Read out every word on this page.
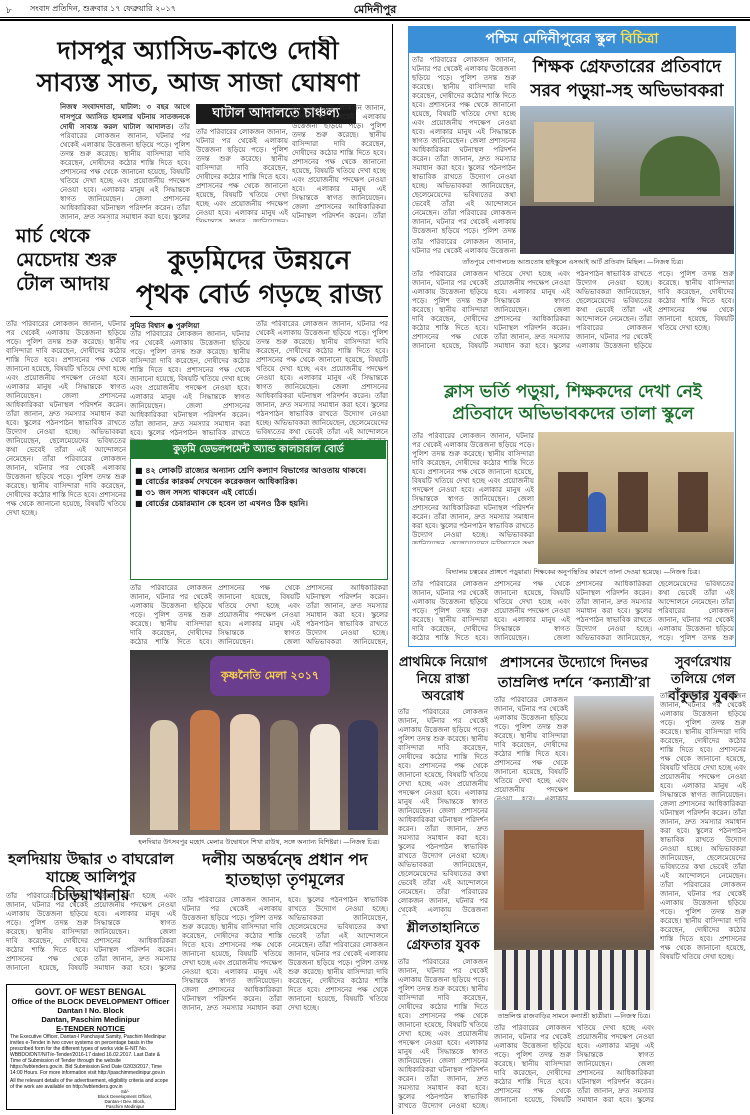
৮ সংবাদ প্রতিদিন, শুক্রবার ১৭ ফেব্রুয়ারি ২০১৭	মেদিনীপুর
দাসপুর অ্যাসিড-কাণ্ডে দোষী
সাব্যস্ত সাত, আজ সাজা ঘোষণা
ঘাটাল আদালতে চাঞ্চল্য
নিজস্ব সংবাদদাতা, ঘাটাল: ৩ বছর আগে দাসপুরে অ্যাসিড হামলার ঘটনায় সাতজনকে দোষী সাব্যস্ত করল ঘাটাল আদালত। তাঁর পরিবারের লোকজন জানান, ঘটনার পর থেকেই এলাকায় উত্তেজনা ছড়িয়ে পড়ে। পুলিশ তদন্ত শুরু করেছে। স্থানীয় বাসিন্দারা দাবি করেছেন, দোষীদের কঠোর শাস্তি দিতে হবে। প্রশাসনের পক্ষ থেকে জানানো হয়েছে, বিষয়টি খতিয়ে দেখা হচ্ছে এবং প্রয়োজনীয় পদক্ষেপ নেওয়া হবে। এলাকার মানুষ এই সিদ্ধান্তকে স্বাগত জানিয়েছেন। জেলা প্রশাসনের আধিকারিকরা ঘটনাস্থল পরিদর্শন করেন। তাঁরা জানান, দ্রুত সমস্যার সমাধান করা হবে। স্কুলের পঠনপাঠন স্বাভাবিক রাখতে উদ্যোগ নেওয়া হচ্ছে। অভিভাবকরা জানিয়েছেন, ছেলেমেয়েদের ভবিষ্যতের কথা ভেবেই তাঁরা এই আন্দোলনে নেমেছেন। তাঁরা পরিবারের লোকজন জানান, ঘটনার পর থেকেই এলাকায় উত্তেজনা ছড়িয়ে পড়ে। পুলিশ তদন্ত শুরু করেছে। স্থানীয় বাসিন্দারা দাবি করেছেন, দোষীদের কঠোর শাস্তি দিতে হবে। প্রশাসনের পক্ষ থেকে জানানো হয়েছে, বিষয়টি খতিয়ে দেখা হচ্ছে।
তাঁর পরিবারের লোকজন জানান, ঘটনার পর থেকেই এলাকায় উত্তেজনা ছড়িয়ে পড়ে। পুলিশ তদন্ত শুরু করেছে। স্থানীয় বাসিন্দারা দাবি করেছেন, দোষীদের কঠোর শাস্তি দিতে হবে। প্রশাসনের পক্ষ থেকে জানানো হয়েছে, বিষয়টি খতিয়ে দেখা হচ্ছে এবং প্রয়োজনীয় পদক্ষেপ নেওয়া হবে। এলাকার মানুষ এই সিদ্ধান্তকে স্বাগত জানিয়েছেন। জেলা প্রশাসনের আধিকারিকরা ঘটনাস্থল পরিদর্শন করেন। তাঁরা জানান, দ্রুত সমস্যার সমাধান করা হবে। স্কুলের পঠনপাঠন স্বাভাবিক রাখতে উদ্যোগ নেওয়া হচ্ছে। অভিভাবকরা জানিয়েছেন, ছেলেমেয়েদের ভবিষ্যতের কথা ভেবেই তাঁরা এই আন্দোলনে নেমেছেন। তাঁরা পরিবারের লোকজন জানান, ঘটনার পর থেকেই এলাকায় উত্তেজনা ছড়িয়ে পড়ে। পুলিশ তদন্ত শুরু করেছে। স্থানীয় বাসিন্দারা দাবি করেছেন, দোষীদের কঠোর শাস্তি দিতে হবে। প্রশাসনের পক্ষ থেকে জানানো হয়েছে, বিষয়টি খতিয়ে দেখা হচ্ছে।
তাঁর পরিবারের লোকজন জানান, ঘটনার পর থেকেই এলাকায় উত্তেজনা ছড়িয়ে পড়ে। পুলিশ তদন্ত শুরু করেছে। স্থানীয় বাসিন্দারা দাবি করেছেন, দোষীদের কঠোর শাস্তি দিতে হবে। প্রশাসনের পক্ষ থেকে জানানো হয়েছে, বিষয়টি খতিয়ে দেখা হচ্ছে এবং প্রয়োজনীয় পদক্ষেপ নেওয়া হবে। এলাকার মানুষ এই সিদ্ধান্তকে স্বাগত জানিয়েছেন। জেলা প্রশাসনের আধিকারিকরা ঘটনাস্থল পরিদর্শন করেন। তাঁরা জানান, দ্রুত সমস্যার সমাধান করা হবে। স্কুলের পঠনপাঠন স্বাভাবিক রাখতে উদ্যোগ নেওয়া হচ্ছে। অভিভাবকরা জানিয়েছেন, ছেলেমেয়েদের ভবিষ্যতের কথা ভেবেই তাঁরা এই আন্দোলনে নেমেছেন। তাঁরা পরিবারের লোকজন জানান, ঘটনার পর থেকেই এলাকায় উত্তেজনা ছড়িয়ে পড়ে। পুলিশ তদন্ত শুরু করেছে। স্থানীয় বাসিন্দারা দাবি করেছেন, দোষীদের কঠোর শাস্তি দিতে হবে। প্রশাসনের পক্ষ থেকে জানানো হয়েছে, বিষয়টি খতিয়ে দেখা হচ্ছে।
মার্চ থেকে মেচেদায় শুরু টোল আদায়
তাঁর পরিবারের লোকজন জানান, ঘটনার পর থেকেই এলাকায় উত্তেজনা ছড়িয়ে পড়ে। পুলিশ তদন্ত শুরু করেছে। স্থানীয় বাসিন্দারা দাবি করেছেন, দোষীদের কঠোর শাস্তি দিতে হবে। প্রশাসনের পক্ষ থেকে জানানো হয়েছে, বিষয়টি খতিয়ে দেখা হচ্ছে এবং প্রয়োজনীয় পদক্ষেপ নেওয়া হবে। এলাকার মানুষ এই সিদ্ধান্তকে স্বাগত জানিয়েছেন। জেলা প্রশাসনের আধিকারিকরা ঘটনাস্থল পরিদর্শন করেন। তাঁরা জানান, দ্রুত সমস্যার সমাধান করা হবে। স্কুলের পঠনপাঠন স্বাভাবিক রাখতে উদ্যোগ নেওয়া হচ্ছে। অভিভাবকরা জানিয়েছেন, ছেলেমেয়েদের ভবিষ্যতের কথা ভেবেই তাঁরা এই আন্দোলনে নেমেছেন। তাঁরা পরিবারের লোকজন জানান, ঘটনার পর থেকেই এলাকায় উত্তেজনা ছড়িয়ে পড়ে। পুলিশ তদন্ত শুরু করেছে। স্থানীয় বাসিন্দারা দাবি করেছেন, দোষীদের কঠোর শাস্তি দিতে হবে। প্রশাসনের পক্ষ থেকে জানানো হয়েছে, বিষয়টি খতিয়ে দেখা হচ্ছে।
কুড়মিদের উন্নয়নে
পৃথক বোর্ড গড়ছে রাজ্য
সুমিত বিশ্বাস ● পুরুলিয়া
তাঁর পরিবারের লোকজন জানান, ঘটনার পর থেকেই এলাকায় উত্তেজনা ছড়িয়ে পড়ে। পুলিশ তদন্ত শুরু করেছে। স্থানীয় বাসিন্দারা দাবি করেছেন, দোষীদের কঠোর শাস্তি দিতে হবে। প্রশাসনের পক্ষ থেকে জানানো হয়েছে, বিষয়টি খতিয়ে দেখা হচ্ছে এবং প্রয়োজনীয় পদক্ষেপ নেওয়া হবে। এলাকার মানুষ এই সিদ্ধান্তকে স্বাগত জানিয়েছেন। জেলা প্রশাসনের আধিকারিকরা ঘটনাস্থল পরিদর্শন করেন। তাঁরা জানান, দ্রুত সমস্যার সমাধান করা হবে। স্কুলের পঠনপাঠন স্বাভাবিক রাখতে উদ্যোগ নেওয়া হচ্ছে। অভিভাবকরা জানিয়েছেন, ছেলেমেয়েদের ভবিষ্যতের কথা ভেবেই তাঁরা এই আন্দোলনে নেমেছেন। তাঁরা পরিবারের লোকজন জানান, ঘটনার পর থেকেই এলাকায় উত্তেজনা ছড়িয়ে পড়ে। পুলিশ তদন্ত শুরু করেছে। স্থানীয় বাসিন্দারা দাবি করেছেন, দোষীদের কঠোর শাস্তি দিতে হবে। প্রশাসনের পক্ষ থেকে জানানো হয়েছে, বিষয়টি খতিয়ে দেখা হচ্ছে।
তাঁর পরিবারের লোকজন জানান, ঘটনার পর থেকেই এলাকায় উত্তেজনা ছড়িয়ে পড়ে। পুলিশ তদন্ত শুরু করেছে। স্থানীয় বাসিন্দারা দাবি করেছেন, দোষীদের কঠোর শাস্তি দিতে হবে। প্রশাসনের পক্ষ থেকে জানানো হয়েছে, বিষয়টি খতিয়ে দেখা হচ্ছে এবং প্রয়োজনীয় পদক্ষেপ নেওয়া হবে। এলাকার মানুষ এই সিদ্ধান্তকে স্বাগত জানিয়েছেন। জেলা প্রশাসনের আধিকারিকরা ঘটনাস্থল পরিদর্শন করেন। তাঁরা জানান, দ্রুত সমস্যার সমাধান করা হবে। স্কুলের পঠনপাঠন স্বাভাবিক রাখতে উদ্যোগ নেওয়া হচ্ছে। অভিভাবকরা জানিয়েছেন, ছেলেমেয়েদের ভবিষ্যতের কথা ভেবেই তাঁরা এই আন্দোলনে নেমেছেন। তাঁরা পরিবারের লোকজন জানান, ঘটনার পর থেকেই এলাকায় উত্তেজনা ছড়িয়ে পড়ে। পুলিশ তদন্ত শুরু করেছে। স্থানীয় বাসিন্দারা দাবি করেছেন, দোষীদের কঠোর শাস্তি দিতে হবে। প্রশাসনের পক্ষ থেকে জানানো হয়েছে, বিষয়টি খতিয়ে দেখা হচ্ছে।
কুড়মি ডেভলপমেন্ট অ্যান্ড কালচারাল বোর্ড
■ ৪২ লোকটি রাজ্যের অন্যান্য শ্রেণি কল্যাণ বিভাগের আওতায় থাকবে।
■ বোর্ডের কারকর্ম দেখবেন করেকজন আধিকারিক।
■ ৩১ জন সদস্য থাকবেন এই বোর্ডে।
■ বোর্ডের চেয়ারম্যান কে হবেন তা এখনও ঠিক হয়নি।
তাঁর পরিবারের লোকজন জানান, ঘটনার পর থেকেই এলাকায় উত্তেজনা ছড়িয়ে পড়ে। পুলিশ তদন্ত শুরু করেছে। স্থানীয় বাসিন্দারা দাবি করেছেন, দোষীদের কঠোর শাস্তি দিতে হবে। প্রশাসনের পক্ষ থেকে জানানো হয়েছে, বিষয়টি খতিয়ে দেখা হচ্ছে এবং প্রয়োজনীয় পদক্ষেপ নেওয়া হবে। এলাকার মানুষ এই সিদ্ধান্তকে স্বাগত জানিয়েছেন। জেলা প্রশাসনের আধিকারিকরা ঘটনাস্থল পরিদর্শন করেন। তাঁরা জানান, দ্রুত সমস্যার সমাধান করা হবে। স্কুলের পঠনপাঠন স্বাভাবিক রাখতে উদ্যোগ নেওয়া হচ্ছে। অভিভাবকরা জানিয়েছেন, ছেলেমেয়েদের ভবিষ্যতের কথা ভেবেই তাঁরা এই আন্দোলনে নেমেছেন। তাঁরা পরিবারের লোকজন জানান, ঘটনার পর থেকেই এলাকায় উত্তেজনা ছড়িয়ে পড়ে। পুলিশ তদন্ত শুরু করেছে। স্থানীয় বাসিন্দারা দাবি করেছেন, দোষীদের কঠোর শাস্তি দিতে হবে। প্রশাসনের পক্ষ থেকে জানানো হয়েছে, বিষয়টি খতিয়ে দেখা হচ্ছে।
কৃষ্ণনৈতি মেলা ২০১৭
হলদিয়ার উৎসবপুর মহোৎ মেলার উদ্বোধনে শিখা রাউথ, সঙ্গে অন্যান্য বিশিষ্টরা। —নিজস্ব চিত্র।
হলদিয়ায় উদ্ধার ৩ বাঘরোল যাচ্ছে আলিপুর চিড়িয়াখানায়
তাঁর পরিবারের লোকজন জানান, ঘটনার পর থেকেই এলাকায় উত্তেজনা ছড়িয়ে পড়ে। পুলিশ তদন্ত শুরু করেছে। স্থানীয় বাসিন্দারা দাবি করেছেন, দোষীদের কঠোর শাস্তি দিতে হবে। প্রশাসনের পক্ষ থেকে জানানো হয়েছে, বিষয়টি খতিয়ে দেখা হচ্ছে এবং প্রয়োজনীয় পদক্ষেপ নেওয়া হবে। এলাকার মানুষ এই সিদ্ধান্তকে স্বাগত জানিয়েছেন। জেলা প্রশাসনের আধিকারিকরা ঘটনাস্থল পরিদর্শন করেন। তাঁরা জানান, দ্রুত সমস্যার সমাধান করা হবে। স্কুলের পঠনপাঠন স্বাভাবিক রাখতে উদ্যোগ নেওয়া হচ্ছে। অভিভাবকরা জানিয়েছেন, ছেলেমেয়েদের ভবিষ্যতের কথা ভেবেই তাঁরা এই আন্দোলনে নেমেছেন। তাঁরা পরিবারের লোকজন জানান, ঘটনার পর থেকেই এলাকায় উত্তেজনা ছড়িয়ে পড়ে। পুলিশ তদন্ত শুরু করেছে। স্থানীয় বাসিন্দারা দাবি করেছেন, দোষীদের কঠোর শাস্তি দিতে হবে। প্রশাসনের পক্ষ থেকে জানানো হয়েছে, বিষয়টি খতিয়ে দেখা হচ্ছে।
দলীয় অন্তর্দ্বন্দ্বে প্রধান পদ হাতছাড়া তৃণমূলের
তাঁর পরিবারের লোকজন জানান, ঘটনার পর থেকেই এলাকায় উত্তেজনা ছড়িয়ে পড়ে। পুলিশ তদন্ত শুরু করেছে। স্থানীয় বাসিন্দারা দাবি করেছেন, দোষীদের কঠোর শাস্তি দিতে হবে। প্রশাসনের পক্ষ থেকে জানানো হয়েছে, বিষয়টি খতিয়ে দেখা হচ্ছে এবং প্রয়োজনীয় পদক্ষেপ নেওয়া হবে। এলাকার মানুষ এই সিদ্ধান্তকে স্বাগত জানিয়েছেন। জেলা প্রশাসনের আধিকারিকরা ঘটনাস্থল পরিদর্শন করেন। তাঁরা জানান, দ্রুত সমস্যার সমাধান করা হবে। স্কুলের পঠনপাঠন স্বাভাবিক রাখতে উদ্যোগ নেওয়া হচ্ছে। অভিভাবকরা জানিয়েছেন, ছেলেমেয়েদের ভবিষ্যতের কথা ভেবেই তাঁরা এই আন্দোলনে নেমেছেন। তাঁরা পরিবারের লোকজন জানান, ঘটনার পর থেকেই এলাকায় উত্তেজনা ছড়িয়ে পড়ে। পুলিশ তদন্ত শুরু করেছে। স্থানীয় বাসিন্দারা দাবি করেছেন, দোষীদের কঠোর শাস্তি দিতে হবে। প্রশাসনের পক্ষ থেকে জানানো হয়েছে, বিষয়টি খতিয়ে দেখা হচ্ছে।
GOVT. OF WEST BENGAL
Office of the BLOCK DEVELOPMENT Officer
Dantan I No. Block
Dantan, Paschim Medinipur
E-TENDER NOTICE
The Executive Officer, Dantan-I Panchayat Samity, Paschim Medinipur invites e-Tender in two cover systems on percentage basis in the prescribed form for the different types of works vide E-NIT No. WBBDO/DNT/NIT/e-Tender/2016-17 dated 16.02.2017. Last Date & Time of Submission of Tender through the website https://wbtenders.gov.in. Bid Submission End Date 02/03/2017, Time 14:00 Hours. For more information visit http://paschimmedinipur.gov.in
All the relevant details of the advertisement, eligibility criteria and scope of the work are available on http://wbtenders.gov.in
Sd/-
Block Development Officer,
Dantan-I Dev. Block,
Paschim Medinipur
পশ্চিম মেদিনীপুরের স্কুল বিচিত্রা
শিক্ষক গ্রেফতারের প্রতিবাদে
সরব পড়ুয়া-সহ অভিভাবকরা
তাঁর পরিবারের লোকজন জানান, ঘটনার পর থেকেই এলাকায় উত্তেজনা ছড়িয়ে পড়ে। পুলিশ তদন্ত শুরু করেছে। স্থানীয় বাসিন্দারা দাবি করেছেন, দোষীদের কঠোর শাস্তি দিতে হবে। প্রশাসনের পক্ষ থেকে জানানো হয়েছে, বিষয়টি খতিয়ে দেখা হচ্ছে এবং প্রয়োজনীয় পদক্ষেপ নেওয়া হবে। এলাকার মানুষ এই সিদ্ধান্তকে স্বাগত জানিয়েছেন। জেলা প্রশাসনের আধিকারিকরা ঘটনাস্থল পরিদর্শন করেন। তাঁরা জানান, দ্রুত সমস্যার সমাধান করা হবে। স্কুলের পঠনপাঠন স্বাভাবিক রাখতে উদ্যোগ নেওয়া হচ্ছে। অভিভাবকরা জানিয়েছেন, ছেলেমেয়েদের ভবিষ্যতের কথা ভেবেই তাঁরা এই আন্দোলনে নেমেছেন। তাঁরা পরিবারের লোকজন জানান, ঘটনার পর থেকেই এলাকায় উত্তেজনা ছড়িয়ে পড়ে। পুলিশ তদন্ত শুরু করেছে। স্থানীয় বাসিন্দারা দাবি করেছেন, দোষীদের কঠোর শাস্তি দিতে হবে। প্রশাসনের পক্ষ থেকে জানানো হয়েছে, বিষয়টি খতিয়ে দেখা হচ্ছে।
তাঁতপুরে গোপালচন্দ্র আশুতোষ হাইস্কুলে এসআই আর্ট প্রতিবাদ মিছিল। —নিজস্ব চিত্র।
তাঁর পরিবারের লোকজন জানান, ঘটনার পর থেকেই এলাকায় উত্তেজনা ছড়িয়ে পড়ে। পুলিশ তদন্ত শুরু করেছে। স্থানীয় বাসিন্দারা দাবি করেছেন, দোষীদের কঠোর শাস্তি দিতে হবে। প্রশাসনের পক্ষ থেকে জানানো হয়েছে, বিষয়টি খতিয়ে দেখা হচ্ছে এবং প্রয়োজনীয় পদক্ষেপ নেওয়া হবে। এলাকার মানুষ এই সিদ্ধান্তকে স্বাগত জানিয়েছেন। জেলা প্রশাসনের আধিকারিকরা ঘটনাস্থল পরিদর্শন করেন। তাঁরা জানান, দ্রুত সমস্যার সমাধান করা হবে। স্কুলের পঠনপাঠন স্বাভাবিক রাখতে উদ্যোগ নেওয়া হচ্ছে। অভিভাবকরা জানিয়েছেন, ছেলেমেয়েদের ভবিষ্যতের কথা ভেবেই তাঁরা এই আন্দোলনে নেমেছেন। তাঁরা পরিবারের লোকজন জানান, ঘটনার পর থেকেই এলাকায় উত্তেজনা ছড়িয়ে পড়ে। পুলিশ তদন্ত শুরু করেছে। স্থানীয় বাসিন্দারা দাবি করেছেন, দোষীদের কঠোর শাস্তি দিতে হবে। প্রশাসনের পক্ষ থেকে জানানো হয়েছে, বিষয়টি খতিয়ে দেখা হচ্ছে।
তাঁর পরিবারের লোকজন জানান, ঘটনার পর থেকেই এলাকায় উত্তেজনা ছড়িয়ে পড়ে। পুলিশ তদন্ত শুরু করেছে। স্থানীয় বাসিন্দারা দাবি করেছেন, দোষীদের কঠোর শাস্তি দিতে হবে। প্রশাসনের পক্ষ থেকে জানানো হয়েছে, বিষয়টি খতিয়ে দেখা হচ্ছে এবং প্রয়োজনীয় পদক্ষেপ নেওয়া হবে। এলাকার মানুষ এই সিদ্ধান্তকে স্বাগত জানিয়েছেন। জেলা প্রশাসনের আধিকারিকরা ঘটনাস্থল পরিদর্শন করেন। তাঁরা জানান, দ্রুত সমস্যার সমাধান করা হবে। স্কুলের পঠনপাঠন স্বাভাবিক রাখতে উদ্যোগ নেওয়া হচ্ছে। অভিভাবকরা জানিয়েছেন, ছেলেমেয়েদের ভবিষ্যতের কথা ভেবেই তাঁরা এই আন্দোলনে নেমেছেন। তাঁরা পরিবারের লোকজন জানান, ঘটনার পর থেকেই এলাকায় উত্তেজনা ছড়িয়ে পড়ে। পুলিশ তদন্ত শুরু করেছে। স্থানীয় বাসিন্দারা দাবি করেছেন, দোষীদের কঠোর শাস্তি দিতে হবে। প্রশাসনের পক্ষ থেকে জানানো হয়েছে, বিষয়টি খতিয়ে দেখা হচ্ছে।
ক্লাস ভর্তি পড়ুয়া, শিক্ষকদের দেখা নেই
প্রতিবাদে অভিভাবকদের তালা স্কুলে
তাঁর পরিবারের লোকজন জানান, ঘটনার পর থেকেই এলাকায় উত্তেজনা ছড়িয়ে পড়ে। পুলিশ তদন্ত শুরু করেছে। স্থানীয় বাসিন্দারা দাবি করেছেন, দোষীদের কঠোর শাস্তি দিতে হবে। প্রশাসনের পক্ষ থেকে জানানো হয়েছে, বিষয়টি খতিয়ে দেখা হচ্ছে এবং প্রয়োজনীয় পদক্ষেপ নেওয়া হবে। এলাকার মানুষ এই সিদ্ধান্তকে স্বাগত জানিয়েছেন। জেলা প্রশাসনের আধিকারিকরা ঘটনাস্থল পরিদর্শন করেন। তাঁরা জানান, দ্রুত সমস্যার সমাধান করা হবে। স্কুলের পঠনপাঠন স্বাভাবিক রাখতে উদ্যোগ নেওয়া হচ্ছে। অভিভাবকরা জানিয়েছেন, ছেলেমেয়েদের ভবিষ্যতের কথা ভেবেই তাঁরা এই আন্দোলনে নেমেছেন। তাঁরা পরিবারের লোকজন জানান, ঘটনার পর থেকেই এলাকায় উত্তেজনা ছড়িয়ে পড়ে। পুলিশ তদন্ত শুরু করেছে। স্থানীয় বাসিন্দারা দাবি করেছেন, দোষীদের কঠোর শাস্তি দিতে হবে। প্রশাসনের পক্ষ থেকে জানানো হয়েছে, বিষয়টি খতিয়ে দেখা হচ্ছে।
বিদ্যালয় চত্বরের প্রাঙ্গণে পড়ুয়ারা। শিক্ষকের অনুপস্থিতির কারণে তালা দেওয়া হয়েছে। —নিজস্ব চিত্র।
তাঁর পরিবারের লোকজন জানান, ঘটনার পর থেকেই এলাকায় উত্তেজনা ছড়িয়ে পড়ে। পুলিশ তদন্ত শুরু করেছে। স্থানীয় বাসিন্দারা দাবি করেছেন, দোষীদের কঠোর শাস্তি দিতে হবে। প্রশাসনের পক্ষ থেকে জানানো হয়েছে, বিষয়টি খতিয়ে দেখা হচ্ছে এবং প্রয়োজনীয় পদক্ষেপ নেওয়া হবে। এলাকার মানুষ এই সিদ্ধান্তকে স্বাগত জানিয়েছেন। জেলা প্রশাসনের আধিকারিকরা ঘটনাস্থল পরিদর্শন করেন। তাঁরা জানান, দ্রুত সমস্যার সমাধান করা হবে। স্কুলের পঠনপাঠন স্বাভাবিক রাখতে উদ্যোগ নেওয়া হচ্ছে। অভিভাবকরা জানিয়েছেন, ছেলেমেয়েদের ভবিষ্যতের কথা ভেবেই তাঁরা এই আন্দোলনে নেমেছেন। তাঁরা পরিবারের লোকজন জানান, ঘটনার পর থেকেই এলাকায় উত্তেজনা ছড়িয়ে পড়ে। পুলিশ তদন্ত শুরু করেছে। স্থানীয় বাসিন্দারা দাবি করেছেন, দোষীদের কঠোর শাস্তি দিতে হবে। প্রশাসনের পক্ষ থেকে জানানো হয়েছে, বিষয়টি খতিয়ে দেখা হচ্ছে।
প্রাথমিকে নিয়োগ নিয়ে রাস্তা অবরোধ
তাঁর পরিবারের লোকজন জানান, ঘটনার পর থেকেই এলাকায় উত্তেজনা ছড়িয়ে পড়ে। পুলিশ তদন্ত শুরু করেছে। স্থানীয় বাসিন্দারা দাবি করেছেন, দোষীদের কঠোর শাস্তি দিতে হবে। প্রশাসনের পক্ষ থেকে জানানো হয়েছে, বিষয়টি খতিয়ে দেখা হচ্ছে এবং প্রয়োজনীয় পদক্ষেপ নেওয়া হবে। এলাকার মানুষ এই সিদ্ধান্তকে স্বাগত জানিয়েছেন। জেলা প্রশাসনের আধিকারিকরা ঘটনাস্থল পরিদর্শন করেন। তাঁরা জানান, দ্রুত সমস্যার সমাধান করা হবে। স্কুলের পঠনপাঠন স্বাভাবিক রাখতে উদ্যোগ নেওয়া হচ্ছে। অভিভাবকরা জানিয়েছেন, ছেলেমেয়েদের ভবিষ্যতের কথা ভেবেই তাঁরা এই আন্দোলনে নেমেছেন। তাঁরা পরিবারের লোকজন জানান, ঘটনার পর থেকেই এলাকায় উত্তেজনা ছড়িয়ে পড়ে। পুলিশ তদন্ত শুরু করেছে। স্থানীয় বাসিন্দারা দাবি করেছেন, দোষীদের কঠোর শাস্তি দিতে হবে। প্রশাসনের পক্ষ থেকে জানানো হয়েছে, বিষয়টি খতিয়ে দেখা হচ্ছে।
প্রশাসনের উদ্যোগে দিনভর
তাম্রলিপ্ত দর্শনে ‘কন্যাশ্রী’রা
তাঁর পরিবারের লোকজন জানান, ঘটনার পর থেকেই এলাকায় উত্তেজনা ছড়িয়ে পড়ে। পুলিশ তদন্ত শুরু করেছে। স্থানীয় বাসিন্দারা দাবি করেছেন, দোষীদের কঠোর শাস্তি দিতে হবে। প্রশাসনের পক্ষ থেকে জানানো হয়েছে, বিষয়টি খতিয়ে দেখা হচ্ছে এবং প্রয়োজনীয় পদক্ষেপ নেওয়া হবে। এলাকার মানুষ এই সিদ্ধান্তকে স্বাগত জানিয়েছেন। জেলা প্রশাসনের আধিকারিকরা ঘটনাস্থল পরিদর্শন করেন। তাঁরা জানান, দ্রুত সমস্যার সমাধান করা হবে। স্কুলের পঠনপাঠন স্বাভাবিক রাখতে উদ্যোগ নেওয়া হচ্ছে। অভিভাবকরা জানিয়েছেন, ছেলেমেয়েদের ভবিষ্যতের কথা ভেবেই তাঁরা এই আন্দোলনে নেমেছেন। তাঁরা পরিবারের লোকজন জানান, ঘটনার পর থেকেই এলাকায় উত্তেজনা ছড়িয়ে পড়ে। পুলিশ তদন্ত শুরু করেছে। স্থানীয় বাসিন্দারা দাবি করেছেন, দোষীদের কঠোর শাস্তি দিতে হবে। প্রশাসনের পক্ষ থেকে জানানো হয়েছে, বিষয়টি খতিয়ে দেখা হচ্ছে।
সুবর্ণরেখায় তলিয়ে গেল বাঁকুড়ার যুবক
তাঁর পরিবারের লোকজন জানান, ঘটনার পর থেকেই এলাকায় উত্তেজনা ছড়িয়ে পড়ে। পুলিশ তদন্ত শুরু করেছে। স্থানীয় বাসিন্দারা দাবি করেছেন, দোষীদের কঠোর শাস্তি দিতে হবে। প্রশাসনের পক্ষ থেকে জানানো হয়েছে, বিষয়টি খতিয়ে দেখা হচ্ছে এবং প্রয়োজনীয় পদক্ষেপ নেওয়া হবে। এলাকার মানুষ এই সিদ্ধান্তকে স্বাগত জানিয়েছেন। জেলা প্রশাসনের আধিকারিকরা ঘটনাস্থল পরিদর্শন করেন। তাঁরা জানান, দ্রুত সমস্যার সমাধান করা হবে। স্কুলের পঠনপাঠন স্বাভাবিক রাখতে উদ্যোগ নেওয়া হচ্ছে। অভিভাবকরা জানিয়েছেন, ছেলেমেয়েদের ভবিষ্যতের কথা ভেবেই তাঁরা এই আন্দোলনে নেমেছেন। তাঁরা পরিবারের লোকজন জানান, ঘটনার পর থেকেই এলাকায় উত্তেজনা ছড়িয়ে পড়ে। পুলিশ তদন্ত শুরু করেছে। স্থানীয় বাসিন্দারা দাবি করেছেন, দোষীদের কঠোর শাস্তি দিতে হবে। প্রশাসনের পক্ষ থেকে জানানো হয়েছে, বিষয়টি খতিয়ে দেখা হচ্ছে।
শ্লীলতাহানিতে গ্রেফতার যুবক
তাঁর পরিবারের লোকজন জানান, ঘটনার পর থেকেই এলাকায় উত্তেজনা ছড়িয়ে পড়ে। পুলিশ তদন্ত শুরু করেছে। স্থানীয় বাসিন্দারা দাবি করেছেন, দোষীদের কঠোর শাস্তি দিতে হবে। প্রশাসনের পক্ষ থেকে জানানো হয়েছে, বিষয়টি খতিয়ে দেখা হচ্ছে এবং প্রয়োজনীয় পদক্ষেপ নেওয়া হবে। এলাকার মানুষ এই সিদ্ধান্তকে স্বাগত জানিয়েছেন। জেলা প্রশাসনের আধিকারিকরা ঘটনাস্থল পরিদর্শন করেন। তাঁরা জানান, দ্রুত সমস্যার সমাধান করা হবে। স্কুলের পঠনপাঠন স্বাভাবিক রাখতে উদ্যোগ নেওয়া হচ্ছে। অভিভাবকরা জানিয়েছেন, ছেলেমেয়েদের ভবিষ্যতের কথা ভেবেই তাঁরা এই আন্দোলনে নেমেছেন। তাঁরা পরিবারের লোকজন জানান, ঘটনার পর থেকেই এলাকায় উত্তেজনা ছড়িয়ে পড়ে। পুলিশ তদন্ত শুরু করেছে। স্থানীয় বাসিন্দারা দাবি করেছেন, দোষীদের কঠোর শাস্তি দিতে হবে। প্রশাসনের পক্ষ থেকে জানানো হয়েছে, বিষয়টি খতিয়ে দেখা হচ্ছে।
তাম্রলিপ্ত রাজবাড়ির সামনে কন্যাশ্রী ছাত্রীরা। —নিজস্ব চিত্র।
তাঁর পরিবারের লোকজন জানান, ঘটনার পর থেকেই এলাকায় উত্তেজনা ছড়িয়ে পড়ে। পুলিশ তদন্ত শুরু করেছে। স্থানীয় বাসিন্দারা দাবি করেছেন, দোষীদের কঠোর শাস্তি দিতে হবে। প্রশাসনের পক্ষ থেকে জানানো হয়েছে, বিষয়টি খতিয়ে দেখা হচ্ছে এবং প্রয়োজনীয় পদক্ষেপ নেওয়া হবে। এলাকার মানুষ এই সিদ্ধান্তকে স্বাগত জানিয়েছেন। জেলা প্রশাসনের আধিকারিকরা ঘটনাস্থল পরিদর্শন করেন। তাঁরা জানান, দ্রুত সমস্যার সমাধান করা হবে। স্কুলের পঠনপাঠন স্বাভাবিক রাখতে উদ্যোগ নেওয়া হচ্ছে। অভিভাবকরা জানিয়েছেন, ছেলেমেয়েদের ভবিষ্যতের কথা ভেবেই তাঁরা এই আন্দোলনে নেমেছেন। তাঁরা পরিবারের লোকজন জানান, ঘটনার পর থেকেই এলাকায় উত্তেজনা ছড়িয়ে পড়ে। পুলিশ তদন্ত শুরু করেছে। স্থানীয় বাসিন্দারা দাবি করেছেন, দোষীদের কঠোর শাস্তি দিতে হবে। প্রশাসনের পক্ষ থেকে জানানো হয়েছে, বিষয়টি খতিয়ে দেখা হচ্ছে।
